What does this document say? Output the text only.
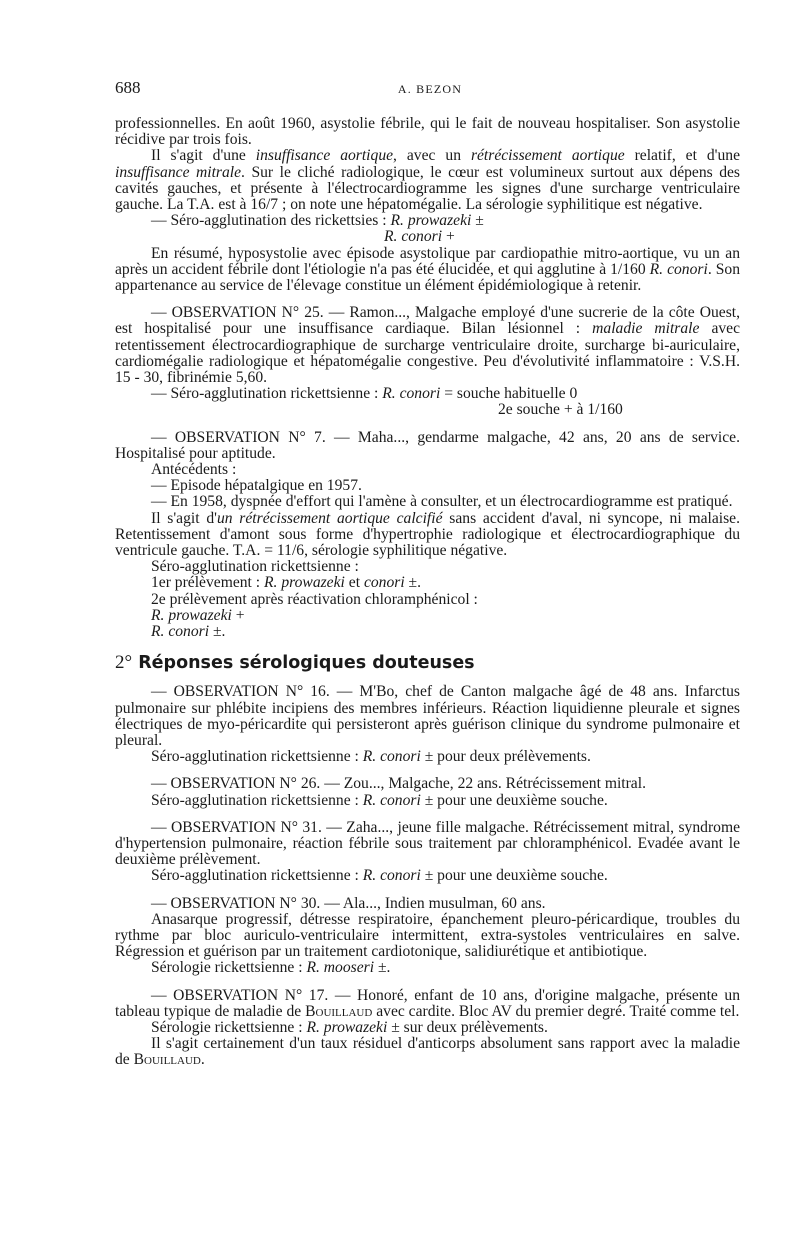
688	A. BEZON

professionnelles. En août 1960, asystolie fébrile, qui le fait de nouveau hospitaliser. Son asystolie récidive par trois fois.

Il s'agit d'une insuffisance aortique, avec un rétrécissement aortique relatif, et d'une insuffisance mitrale. Sur le cliché radiologique, le cœur est volumineux surtout aux dépens des cavités gauches, et présente à l'électrocardiogramme les signes d'une surcharge ventriculaire gauche. La T.A. est à 16/7 ; on note une hépatomégalie. La sérologie syphilitique est négative.

— Séro-agglutination des rickettsies : R. prowazeki ±

R. conori +

En résumé, hyposystolie avec épisode asystolique par cardiopathie mitro-aortique, vu un an après un accident fébrile dont l'étiologie n'a pas été élucidée, et qui agglutine à 1/160 R. conori. Son appartenance au service de l'élevage constitue un élément épidémiologique à retenir.

— OBSERVATION N° 25. — Ramon..., Malgache employé d'une sucrerie de la côte Ouest, est hospitalisé pour une insuffisance cardiaque. Bilan lésionnel : maladie mitrale avec retentissement électrocardiographique de surcharge ventriculaire droite, surcharge bi-auriculaire, cardiomégalie radiologique et hépatomégalie congestive. Peu d'évolutivité inflammatoire : V.S.H. 15 - 30, fibrinémie 5,60.

— Séro-agglutination rickettsienne : R. conori = souche habituelle 0

2e souche + à 1/160

— OBSERVATION N° 7. — Maha..., gendarme malgache, 42 ans, 20 ans de service. Hospitalisé pour aptitude.

Antécédents :

— Episode hépatalgique en 1957.

— En 1958, dyspnée d'effort qui l'amène à consulter, et un électrocardiogramme est pratiqué.

Il s'agit d'un rétrécissement aortique calcifié sans accident d'aval, ni syncope, ni malaise. Retentissement d'amont sous forme d'hypertrophie radiologique et électrocardiographique du ventricule gauche. T.A. = 11/6, sérologie syphilitique négative.

Séro-agglutination rickettsienne :

1er prélèvement : R. prowazeki et conori ±.

2e prélèvement après réactivation chloramphénicol :

R. prowazeki +

R. conori ±.

2° Réponses sérologiques douteuses

— OBSERVATION N° 16. — M'Bo, chef de Canton malgache âgé de 48 ans. Infarctus pulmonaire sur phlébite incipiens des membres inférieurs. Réaction liquidienne pleurale et signes électriques de myo-péricardite qui persisteront après guérison clinique du syndrome pulmonaire et pleural.

Séro-agglutination rickettsienne : R. conori ± pour deux prélèvements.

— OBSERVATION N° 26. — Zou..., Malgache, 22 ans. Rétrécissement mitral.

Séro-agglutination rickettsienne : R. conori ± pour une deuxième souche.

— OBSERVATION N° 31. — Zaha..., jeune fille malgache. Rétrécissement mitral, syndrome d'hypertension pulmonaire, réaction fébrile sous traitement par chloramphénicol. Evadée avant le deuxième prélèvement.

Séro-agglutination rickettsienne : R. conori ± pour une deuxième souche.

— OBSERVATION N° 30. — Ala..., Indien musulman, 60 ans.

Anasarque progressif, détresse respiratoire, épanchement pleuro-péricardique, troubles du rythme par bloc auriculo-ventriculaire intermittent, extra-systoles ventriculaires en salve. Régression et guérison par un traitement cardiotonique, salidiurétique et antibiotique.

Sérologie rickettsienne : R. mooseri ±.

— OBSERVATION N° 17. — Honoré, enfant de 10 ans, d'origine malgache, présente un tableau typique de maladie de Bouillaud avec cardite. Bloc AV du premier degré. Traité comme tel.

Sérologie rickettsienne : R. prowazeki ± sur deux prélèvements.

Il s'agit certainement d'un taux résiduel d'anticorps absolument sans rapport avec la maladie de Bouillaud.
